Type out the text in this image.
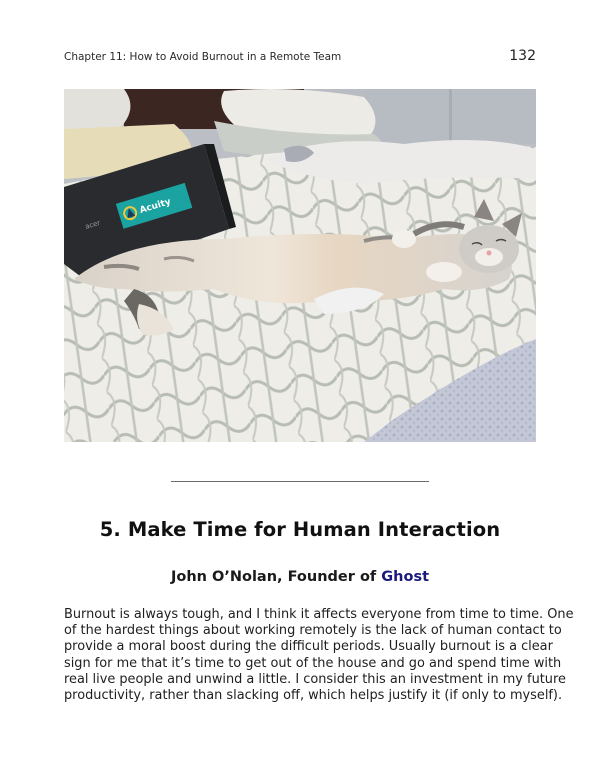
Chapter 11: How to Avoid Burnout in a Remote Team	132
acer
Acuity
5. Make Time for Human Interaction
John O’Nolan, Founder of Ghost
Burnout is always tough, and I think it affects everyone from time to time. One
of the hardest things about working remotely is the lack of human contact to
provide a moral boost during the difficult periods. Usually burnout is a clear
sign for me that it’s time to get out of the house and go and spend time with
real live people and unwind a little. I consider this an investment in my future
productivity, rather than slacking off, which helps justify it (if only to myself).
